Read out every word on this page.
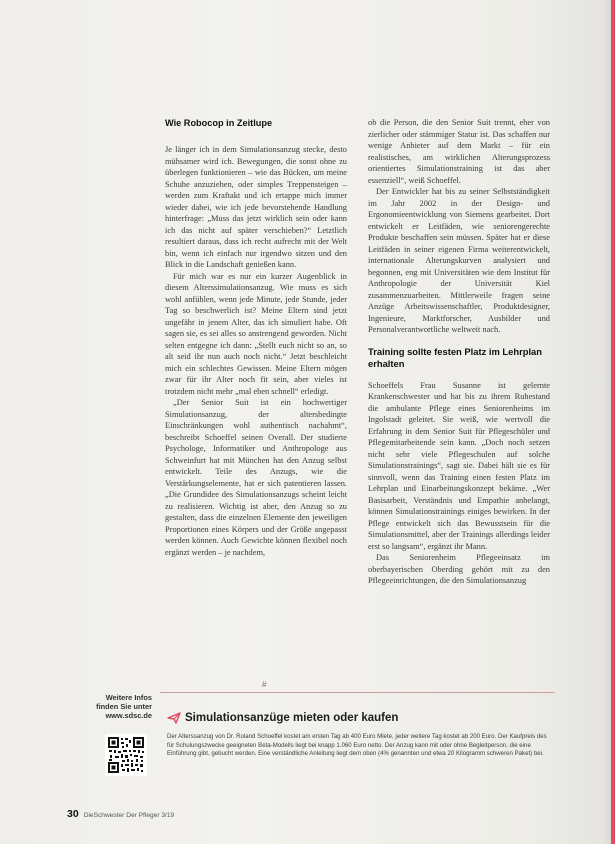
Wie Robocop in Zeitlupe

Je länger ich in dem Simulationsanzug stecke, desto mühsamer wird ich. Bewegungen, die sonst ohne zu überlegen funktionieren – wie das Bücken, um meine Schuhe anzuziehen, oder simples Treppensteigen – werden zum Kraftakt und ich ertappe mich immer wieder dabei, wie ich jede bevorstehende Handlung hinterfrage: „Muss das jetzt wirklich sein oder kann ich das nicht auf später verschieben?“ Letztlich resultiert daraus, dass ich recht aufrecht mit der Welt bin, wenn ich einfach nur irgendwo sitzen und den Blick in die Landschaft genießen kann.

Für mich war es nur ein kurzer Augenblick in diesem Alterssimulationsanzug. Wie muss es sich wohl anfühlen, wenn jede Minute, jede Stunde, jeder Tag so beschwerlich ist? Meine Eltern sind jetzt ungefähr in jenem Alter, das ich simuliert habe. Oft sagen sie, es sei alles so anstrengend geworden. Nicht selten entgegne ich dann: „Stellt euch nicht so an, so alt seid ihr nun auch noch nicht.“ Jetzt beschleicht mich ein schlechtes Gewissen. Meine Eltern mögen zwar für ihr Alter noch fit sein, aber vieles ist trotzdem nicht mehr „mal eben schnell“ erledigt.

„Der Senior Suit ist ein hochwertiger Simulationsanzug, der altersbedingte Einschränkungen wohl authentisch nachahmt“, beschreibt Schoeffel seinen Overall. Der studierte Psychologe, Informatiker und Anthropologe aus Schweinfurt hat mit München hat den Anzug selbst entwickelt. Teile des Anzugs, wie die Verstärkungselemente, hat er sich patentieren lassen. „Die Grundidee des Simulationsanzugs scheint leicht zu realisieren. Wichtig ist aber, den Anzug so zu gestalten, dass die einzelnen Elemente den jeweiligen Proportionen eines Körpers und der Größe angepasst werden können. Auch Gewichte können flexibel noch ergänzt werden – je nachdem,

ob die Person, die den Senior Suit trennt, eher von zierlicher oder stämmiger Statur ist. Das schaffen nur wenige Anbieter auf dem Markt – für ein realistisches, am wirklichen Alterungsprozess orientiertes Simulationstraining ist das aber essenziell“, weiß Schoeffel.

Der Entwickler hat bis zu seiner Selbstständigkeit im Jahr 2002 in der Design- und Ergonomieentwicklung von Siemens gearbeitet. Dort entwickelt er Leitfäden, wie seniorengerechte Produkte beschaffen sein müssen. Später hat er diese Leitfäden in seiner eigenen Firma weiterentwickelt, internationale Alterungskurven analysiert und begonnen, eng mit Universitäten wie dem Institut für Anthropologie der Universität Kiel zusammenzuarbeiten. Mittlerweile fragen seine Anzüge Arbeitswissenschaftler, Produktdesigner, Ingenieure, Marktforscher, Ausbilder und Personalverantwortliche weltweit nach.

Training sollte festen Platz im Lehrplan erhalten

Schoeffels Frau Susanne ist gelernte Krankenschwester und hat bis zu ihrem Ruhestand die ambulante Pflege eines Seniorenheims im Ingolstadt geleitet. Sie weiß, wie wertvoll die Erfahrung in dem Senior Suit für Pflegeschüler und Pflegemitarbeitende sein kann. „Doch noch setzen nicht sehr viele Pflegeschulen auf solche Simulationstrainings“, sagt sie. Dabei hält sie es für sinnvoll, wenn das Training einen festen Platz im Lehrplan und Einarbeitungskonzept bekäme. „Wer Basisarbeit, Verständnis und Empathie anbelangt, können Simulationstrainings einiges bewirken. In der Pflege entwickelt sich das Bewusstsein für die Simulationsmittel, aber der Trainings allerdings leider erst so langsam“, ergänzt ihr Mann.

Das Seniorenheim Pflegeeinsatz im oberbayerischen Oberding gehört mit zu den Pflegeeinrichtungen, die den Simulationsanzug

#
Weitere Infos
finden Sie unter
www.sdsc.de	Simulationsanzüge mieten oder kaufen
Der Alterssanzug von Dr. Roland Schoeffel kostet am ersten Tag ab 400 Euro Miete, jeder weitere Tag kostet ab 200 Euro. Der Kaufpreis des für Schulungszwecke geeigneten Beta-Modells liegt bei knapp 1.060 Euro netto. Der Anzug kann mit oder ohne Begleitperson, die eine Einführung gibt, gebucht werden. Eine verständliche Anleitung liegt dem oben (4% genannten und etwa 20 Kilogramm schweren Paket) bei.
30 DieSchwester Der Pfleger 3/19
